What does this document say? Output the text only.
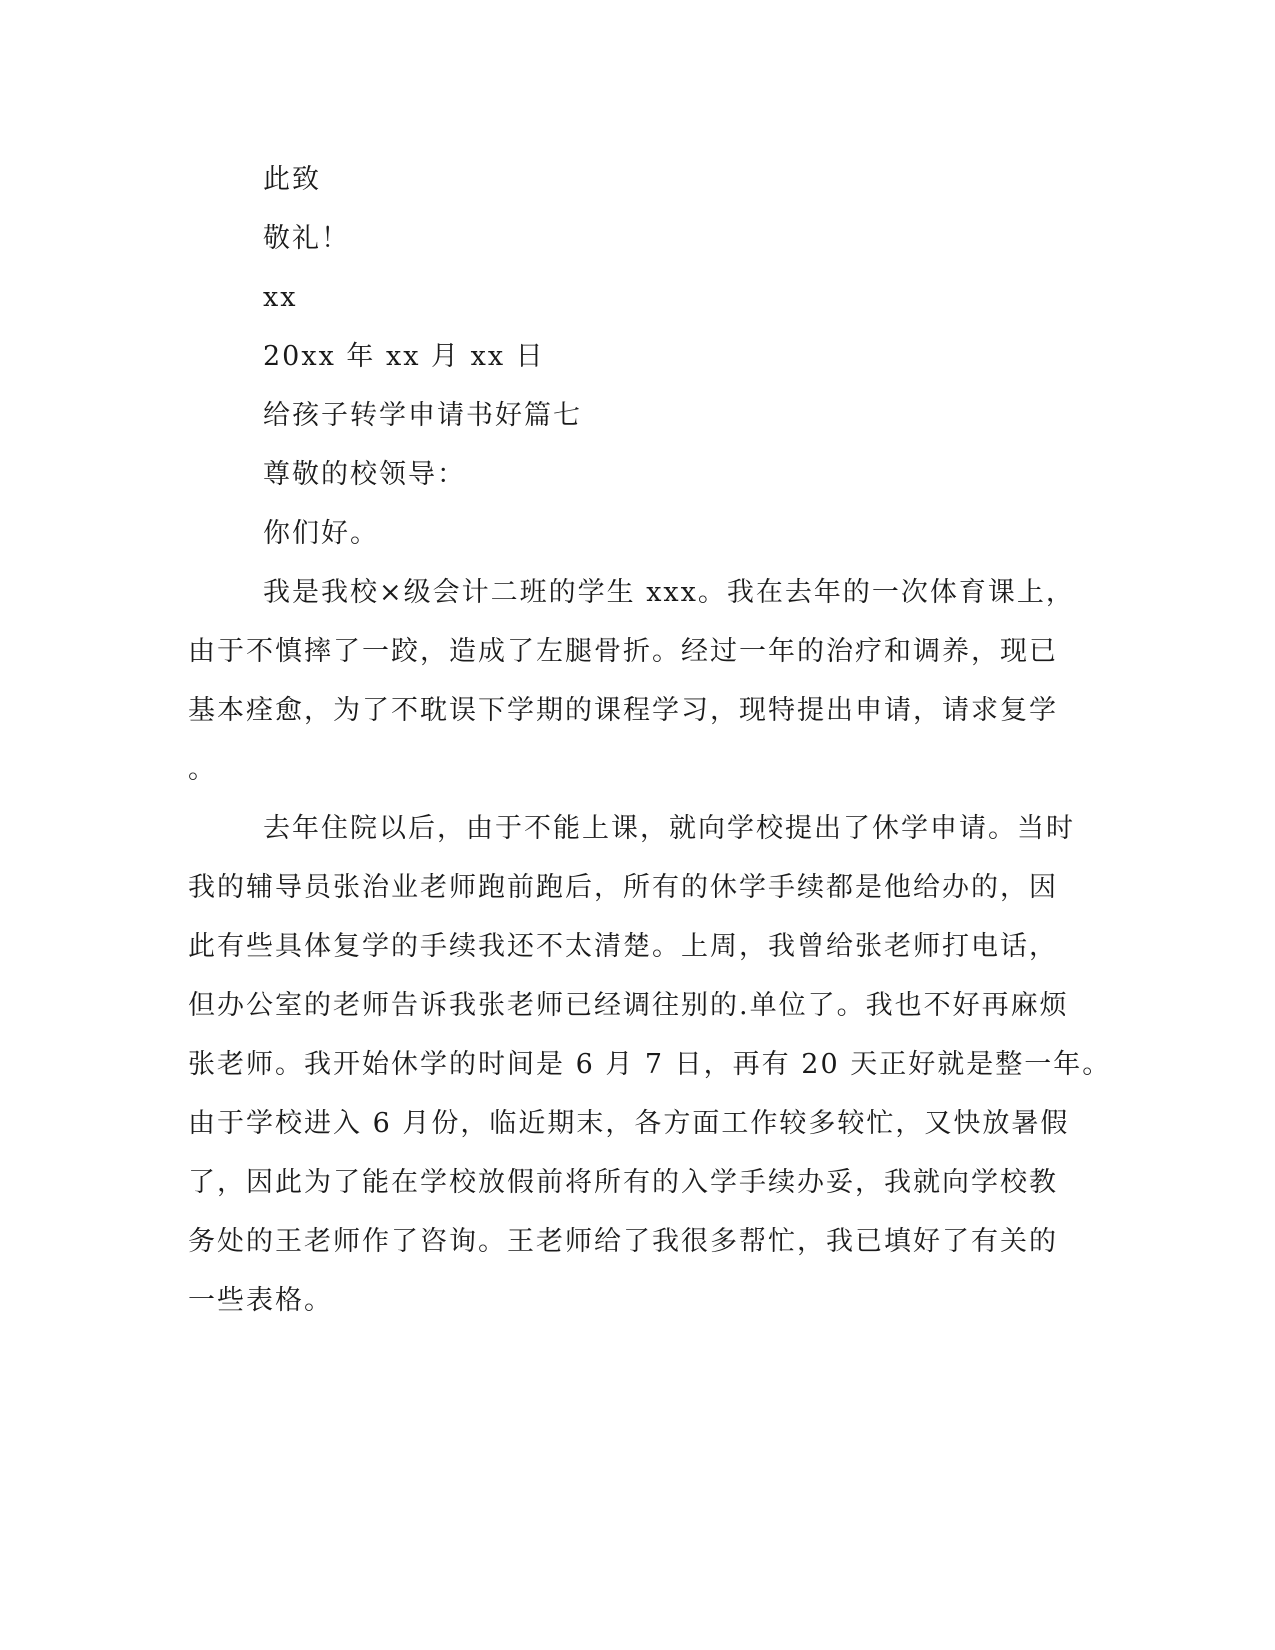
此致
敬礼！
xx
20xx 年 xx 月 xx 日
给孩子转学申请书好篇七
尊敬的校领导：
你们好。
我是我校×级会计二班的学生 xxx。我在去年的一次体育课上，
由于不慎摔了一跤，造成了左腿骨折。经过一年的治疗和调养，现已
基本痊愈，为了不耽误下学期的课程学习，现特提出申请，请求复学
。
去年住院以后，由于不能上课，就向学校提出了休学申请。当时
我的辅导员张治业老师跑前跑后，所有的休学手续都是他给办的，因
此有些具体复学的手续我还不太清楚。上周，我曾给张老师打电话，
但办公室的老师告诉我张老师已经调往别的.单位了。我也不好再麻烦
张老师。我开始休学的时间是 6 月 7 日，再有 20 天正好就是整一年。
由于学校进入 6 月份，临近期末，各方面工作较多较忙，又快放暑假
了，因此为了能在学校放假前将所有的入学手续办妥，我就向学校教
务处的王老师作了咨询。王老师给了我很多帮忙，我已填好了有关的
一些表格。
